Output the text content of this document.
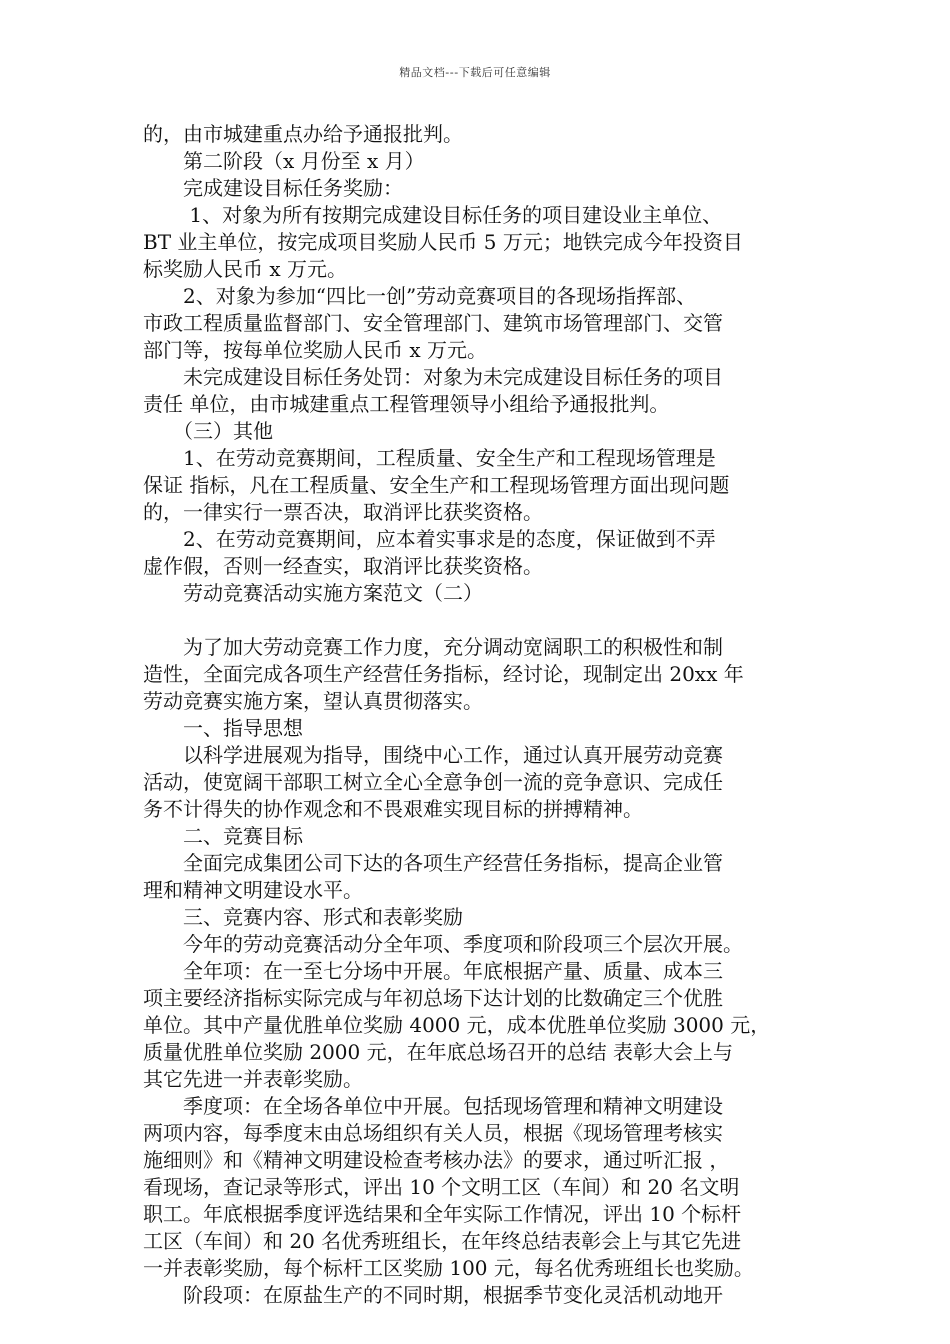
精品文档---下载后可任意编辑

的，由市城建重点办给予通报批判。

　　第二阶段（x 月份至 x 月）

　　完成建设目标任务奖励：

　　 1、对象为所有按期完成建设目标任务的项目建设业主单位、

BT 业主单位，按完成项目奖励人民币 5 万元；地铁完成今年投资目

标奖励人民币 x 万元。

　　2、对象为参加“四比一创”劳动竞赛项目的各现场指挥部、

市政工程质量监督部门、安全管理部门、建筑市场管理部门、交管

部门等，按每单位奖励人民币 x 万元。

　　未完成建设目标任务处罚：对象为未完成建设目标任务的项目

责任 单位，由市城建重点工程管理领导小组给予通报批判。

　　（三）其他

　　1、在劳动竞赛期间，工程质量、安全生产和工程现场管理是

保证 指标，凡在工程质量、安全生产和工程现场管理方面出现问题

的，一律实行一票否决，取消评比获奖资格。

　　2、在劳动竞赛期间，应本着实事求是的态度，保证做到不弄

虚作假，否则一经查实，取消评比获奖资格。

　　劳动竞赛活动实施方案范文（二）

　　为了加大劳动竞赛工作力度，充分调动宽阔职工的积极性和制

造性，全面完成各项生产经营任务指标，经讨论，现制定出 20xx 年

劳动竞赛实施方案，望认真贯彻落实。

　　一、指导思想

　　以科学进展观为指导，围绕中心工作，通过认真开展劳动竞赛

活动，使宽阔干部职工树立全心全意争创一流的竞争意识、完成任

务不计得失的协作观念和不畏艰难实现目标的拼搏精神。

　　二、竞赛目标

　　全面完成集团公司下达的各项生产经营任务指标，提高企业管

理和精神文明建设水平。

　　三、竞赛内容、形式和表彰奖励

　　今年的劳动竞赛活动分全年项、季度项和阶段项三个层次开展。

　　全年项：在一至七分场中开展。年底根据产量、质量、成本三

项主要经济指标实际完成与年初总场下达计划的比数确定三个优胜

单位。其中产量优胜单位奖励 4000 元，成本优胜单位奖励 3000 元，

质量优胜单位奖励 2000 元，在年底总场召开的总结 表彰大会上与

其它先进一并表彰奖励。

　　季度项：在全场各单位中开展。包括现场管理和精神文明建设

两项内容，每季度末由总场组织有关人员，根据《现场管理考核实

施细则》和《精神文明建设检查考核办法》的要求，通过听汇报 ，

看现场，查记录等形式，评出 10 个文明工区（车间）和 20 名文明

职工。年底根据季度评选结果和全年实际工作情况，评出 10 个标杆

工区（车间）和 20 名优秀班组长，在年终总结表彰会上与其它先进

一并表彰奖励，每个标杆工区奖励 100 元，每名优秀班组长也奖励。

　　阶段项：在原盐生产的不同时期，根据季节变化灵活机动地开
